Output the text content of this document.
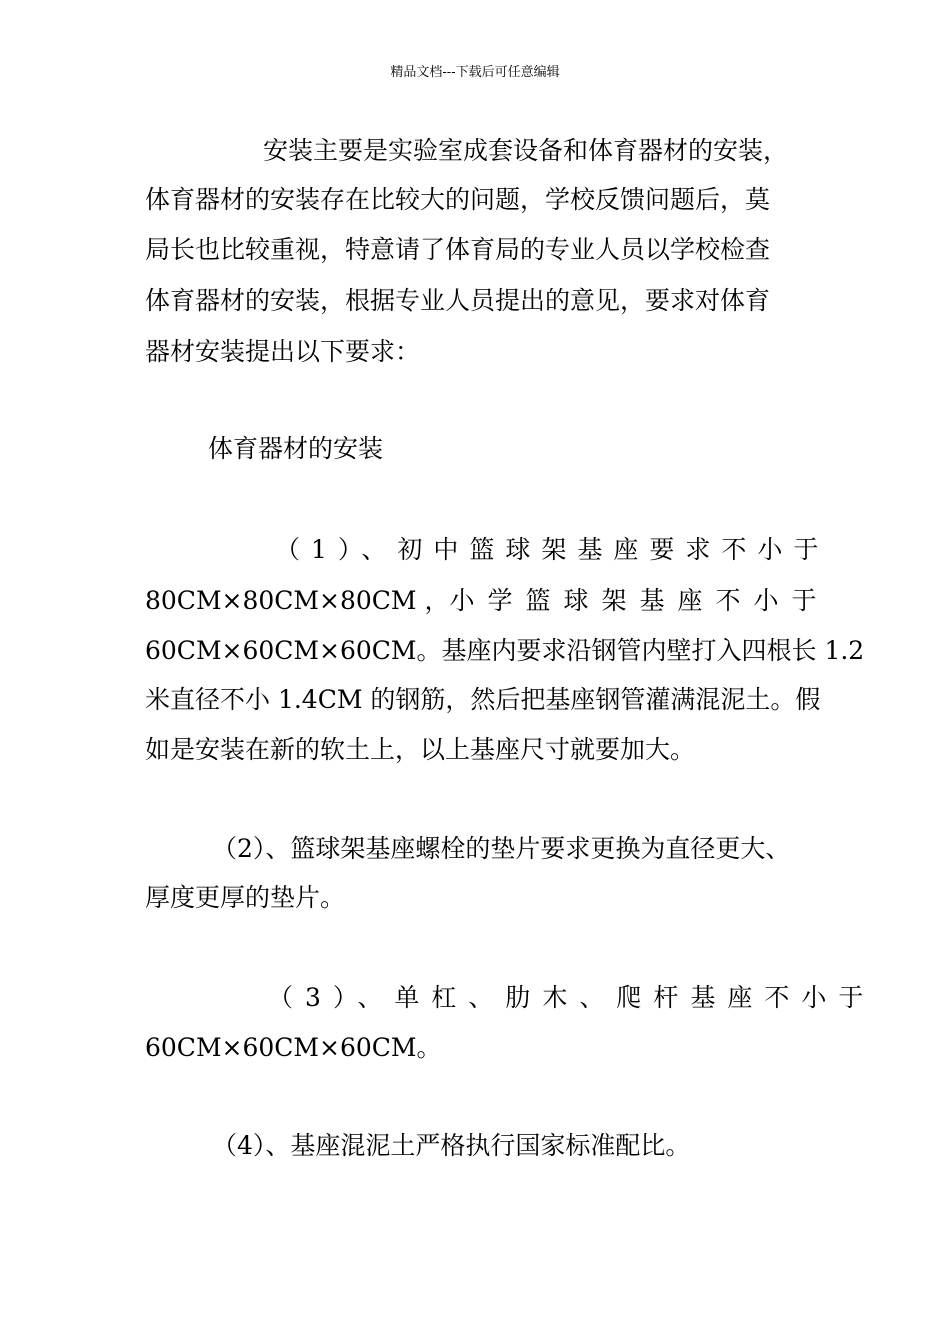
精品文档---下载后可任意编辑
安装主要是实验室成套设备和体育器材的安装，
体育器材的安装存在比较大的问题，学校反馈问题后，莫
局长也比较重视，特意请了体育局的专业人员以学校检查
体育器材的安装，根据专业人员提出的意见，要求对体育
器材安装提出以下要求：
体育器材的安装
（1）、初中篮球架基座要求不小于
80CM×80CM×80CM ， 小学篮球架基座不小于
60CM×60CM×60CM。基座内要求沿钢管内壁打入四根长 1.2
米直径不小 1.4CM 的钢筋，然后把基座钢管灌满混泥土。假
如是安装在新的软土上，以上基座尺寸就要加大。
（2）、篮球架基座螺栓的垫片要求更换为直径更大、
厚度更厚的垫片。
（3）、单杠、肋木、爬杆基座不小于
60CM×60CM×60CM。
（4）、基座混泥土严格执行国家标准配比。
